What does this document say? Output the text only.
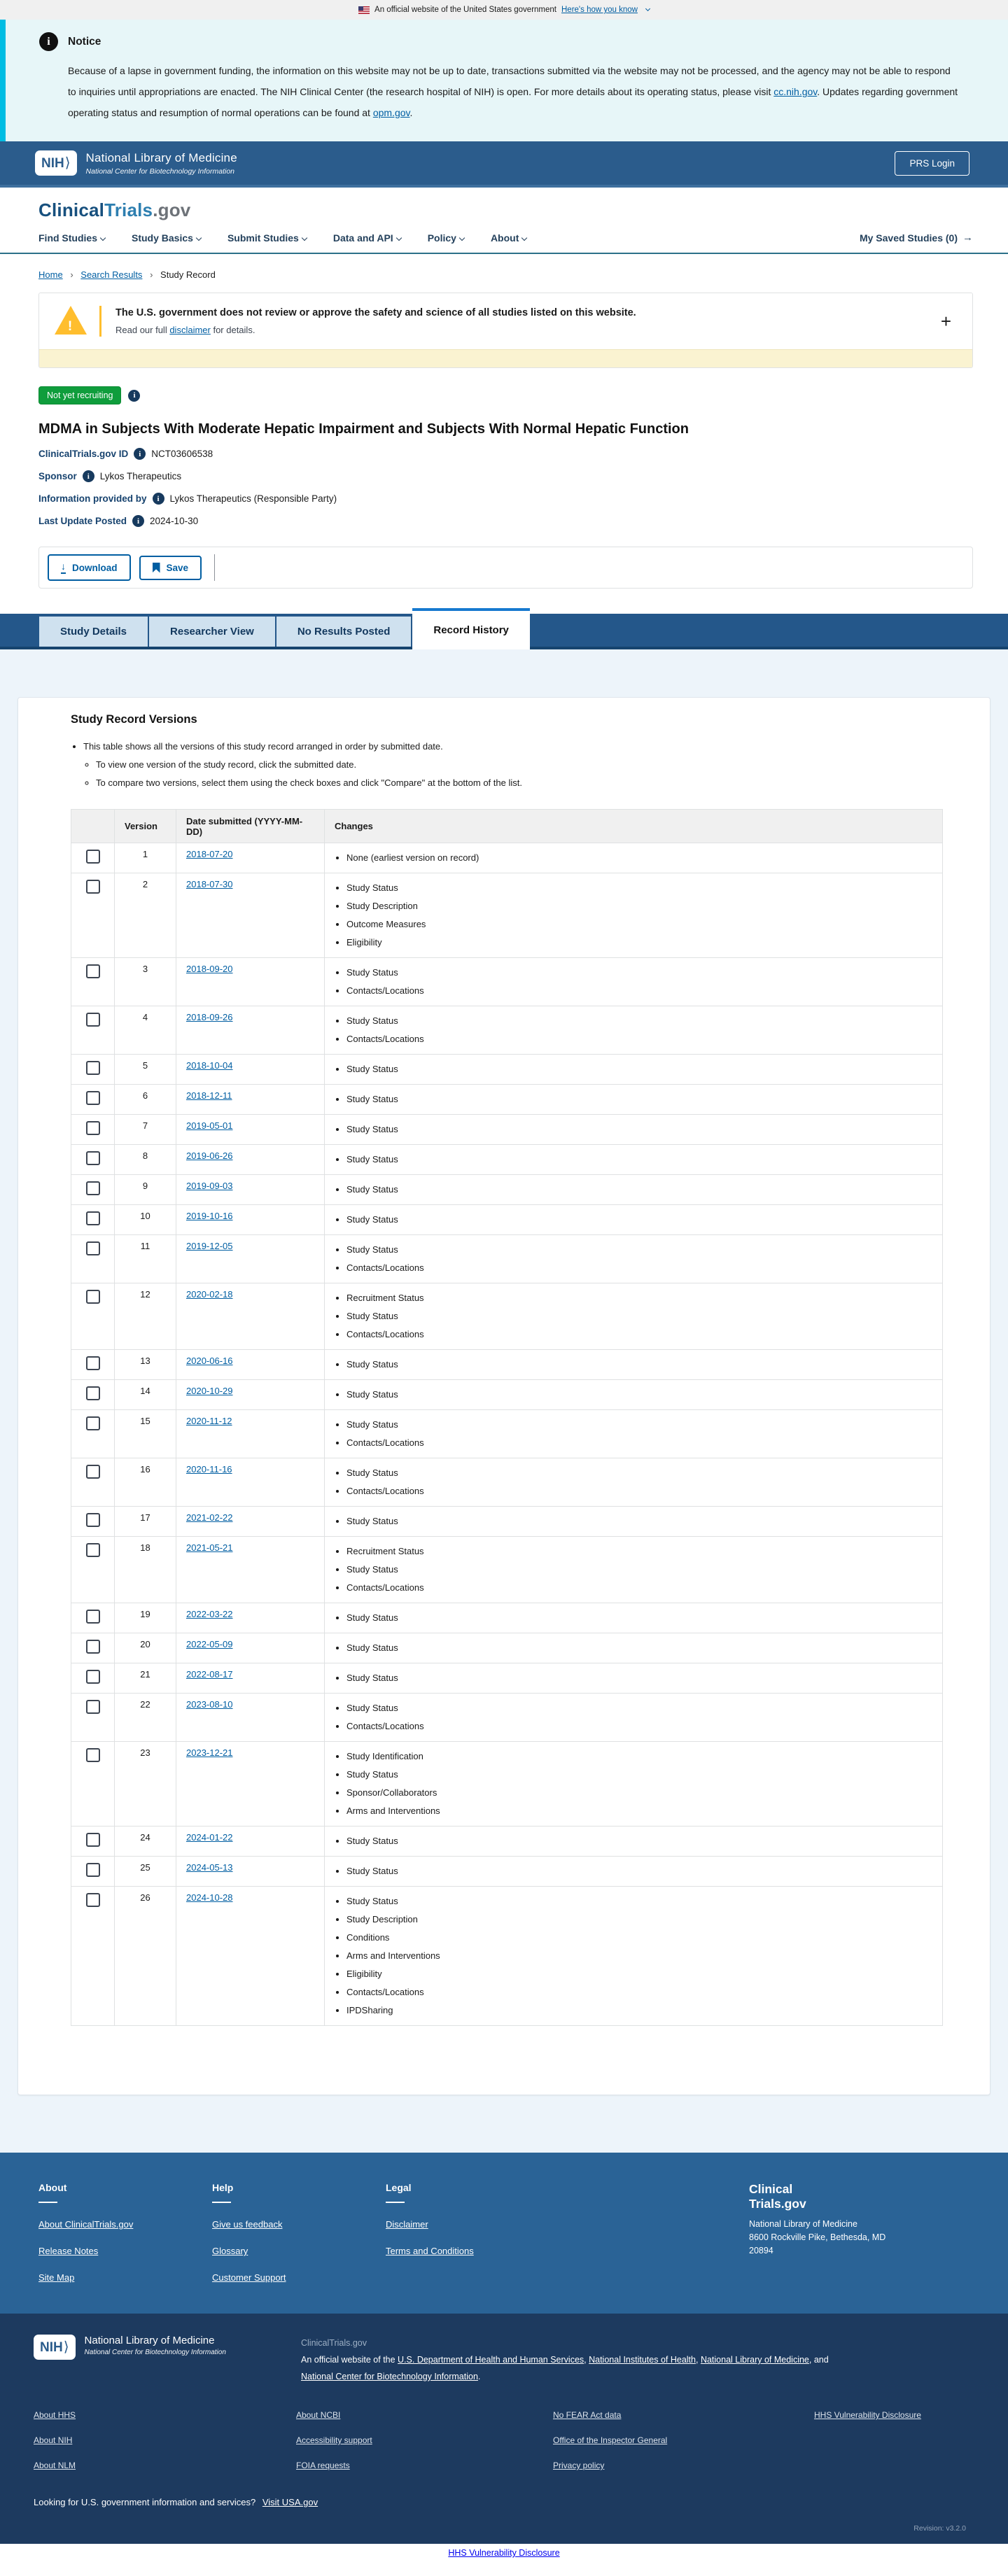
An official website of the United States government Here's how you know
i	Notice

Because of a lapse in government funding, the information on this website may not be up to date, transactions submitted via the website may not be processed, and the agency may not be able to respond to inquiries until appropriations are enacted. The NIH Clinical Center (the research hospital of NIH) is open. For more details about its operating status, please visit cc.nih.gov. Updates regarding government operating status and resumption of normal operations can be found at opm.gov.

NIH ⟩ National Library of Medicine
National Center for Biotechnology Information
PRS Login
ClinicalTrials.gov
Find Studies	Study Basics	Submit Studies	Data and API	Policy	About	My Saved Studies (0) →
Home › Search Results › Study Record
!
The U.S. government does not review or approve the safety and science of all studies listed on this website.
Read our full disclaimer for details.	+
Not yet recruiting	i
MDMA in Subjects With Moderate Hepatic Impairment and Subjects With Normal Hepatic Function
ClinicalTrials.gov ID	i	NCT03606538
Sponsor	i	Lykos Therapeutics
Information provided by	i	Lykos Therapeutics (Responsible Party)
Last Update Posted	i	2024-10-30
↓ Download	Save
Study Details	Researcher View	No Results Posted	Record History
Study Record Versions
• This table shows all the versions of this study record arranged in order by submitted date.
◦ To view one version of the study record, click the submitted date.
◦ To compare two versions, select them using the check boxes and click "Compare" at the bottom of the list.
	Version	Date submitted (YYYY-MM-DD)	Changes

	1	2018-07-20	
•None (earliest version on record)

	2	2018-07-30	
•Study Status
• Study Description
• Outcome Measures
• Eligibility

	3	2018-09-20	
•Study Status
• Contacts/Locations

	4	2018-09-26	
•Study Status
• Contacts/Locations

	5	2018-10-04	
•Study Status

	6	2018-12-11	
•Study Status

	7	2019-05-01	
•Study Status

	8	2019-06-26	
•Study Status

	9	2019-09-03	
•Study Status

	10	2019-10-16	
•Study Status

	11	2019-12-05	
•Study Status
• Contacts/Locations

	12	2020-02-18	
•Recruitment Status
• Study Status
• Contacts/Locations

	13	2020-06-16	
•Study Status

	14	2020-10-29	
•Study Status

	15	2020-11-12	
•Study Status
• Contacts/Locations

	16	2020-11-16	
•Study Status
• Contacts/Locations

	17	2021-02-22	
•Study Status

	18	2021-05-21	
•Recruitment Status
• Study Status
• Contacts/Locations

	19	2022-03-22	
•Study Status

	20	2022-05-09	
•Study Status

	21	2022-08-17	
•Study Status

	22	2023-08-10	
•Study Status
• Contacts/Locations

	23	2023-12-21	
•Study Identification
• Study Status
• Sponsor/Collaborators
• Arms and Interventions

	24	2024-01-22	
•Study Status

	25	2024-05-13	
•Study Status

	26	2024-10-28	
•Study Status
• Study Description
• Conditions
• Arms and Interventions
• Eligibility
• Contacts/Locations
• IPDSharing
About
About ClinicalTrials.gov
Release Notes
Site Map
Help
Give us feedback
Glossary
Customer Support
Legal
Disclaimer
Terms and Conditions
Clinical
Trials.gov
National Library of Medicine
8600 Rockville Pike, Bethesda, MD
20894
NIH ⟩ National Library of Medicine
National Center for Biotechnology Information
ClinicalTrials.gov
An official website of the U.S. Department of Health and Human Services, National Institutes of Health, National Library of Medicine, and National Center for Biotechnology Information.
About HHS
About NIH
About NLM
About NCBI
Accessibility support
FOIA requests
No FEAR Act data
Office of the Inspector General
Privacy policy
HHS Vulnerability Disclosure
Looking for U.S. government information and services? Visit USA.gov
Revision: v3.2.0
HHS Vulnerability Disclosure
